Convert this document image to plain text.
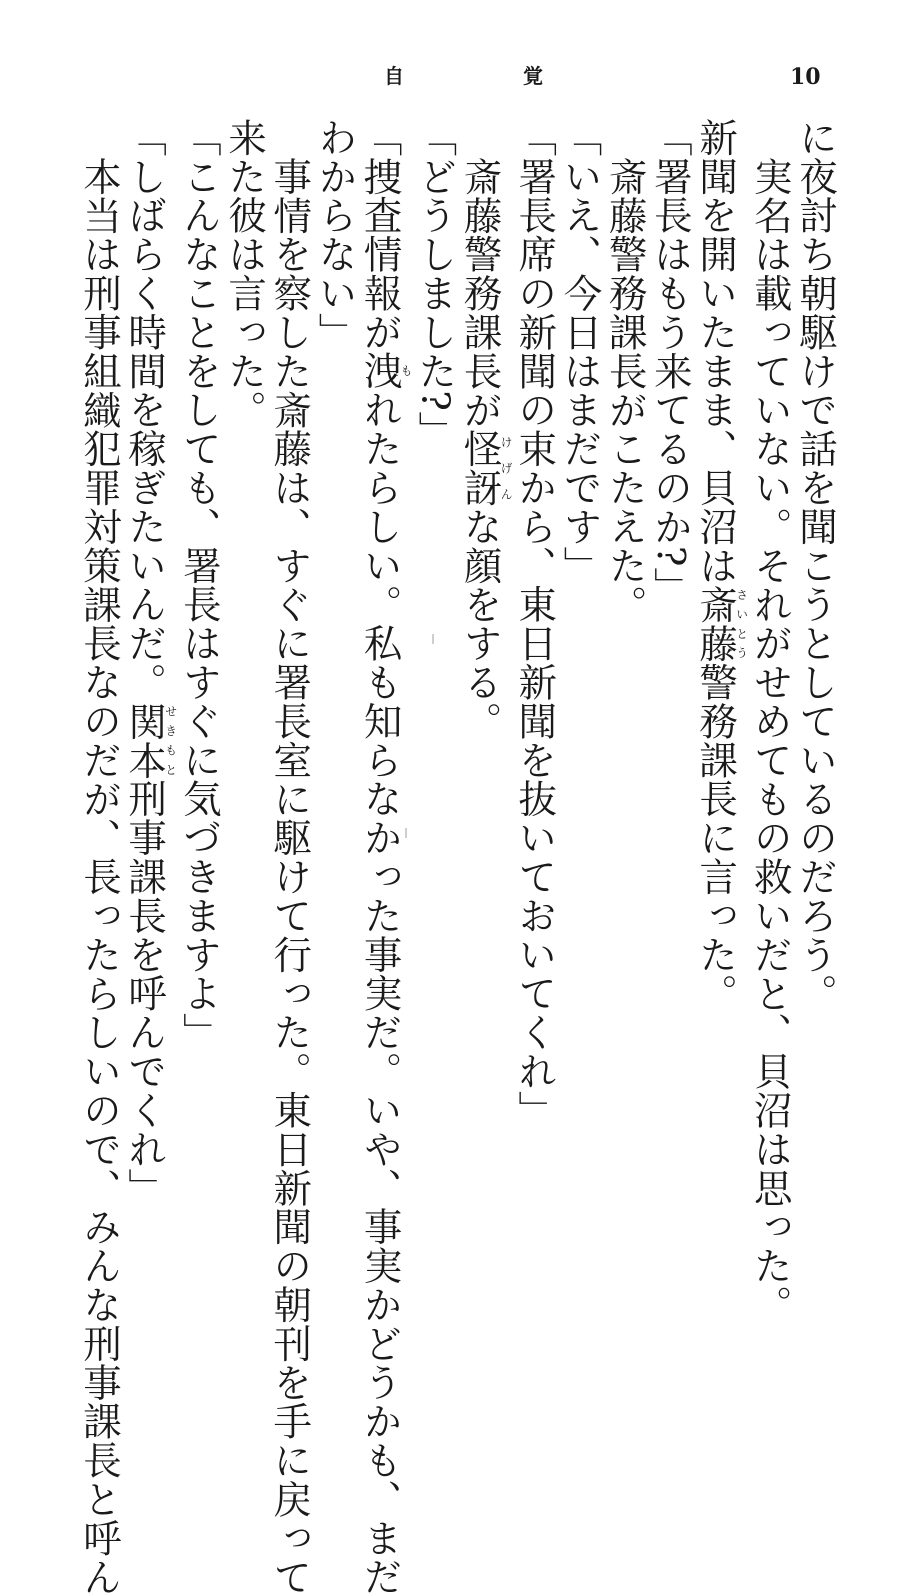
自	覚	10

に夜討ち朝駆けで話を聞こうとしているのだろう。

実名は載っていない。それがせめてもの救いだと、貝沼は思った。

新聞を開いたまま、貝沼は斎藤さいとう警務課長に言った。

「署長はもう来てるのか?」

斎藤警務課長がこたえた。

「いえ、今日はまだです」

「署長席の新聞の束から、東日新聞を抜いておいてくれ」

斎藤警務課長が怪訝けげんな顔をする。

「どうしました?」

「捜査情報が洩もれたらしい。私も知らなかった事実だ。いや、事実かどうかも、まだ

わからない」

事情を察した斎藤は、すぐに署長室に駆けて行った。東日新聞の朝刊を手に戻って

来た彼は言った。

「こんなことをしても、署長はすぐに気づきますよ」

「しばらく時間を稼ぎたいんだ。関本せきもと刑事課長を呼んでくれ」

本当は刑事組織犯罪対策課長なのだが、長ったらしいので、みんな刑事課長と呼ん
